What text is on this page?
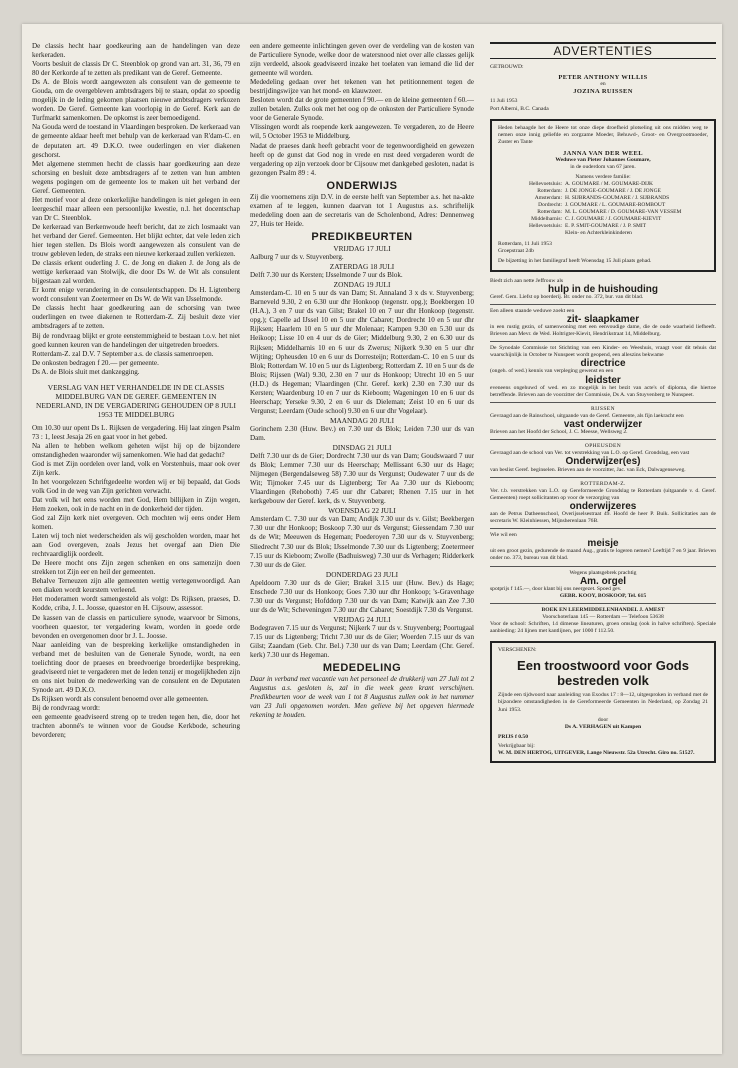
De classis hecht haar goedkeuring aan de handelingen van deze kerkeraden.

Voorts besluit de classis Dr C. Steenblok op grond van art. 31, 36, 79 en 80 der Kerkorde af te zetten als predikant van de Geref. Gemeente.

Ds A. de Blois wordt aangewezen als consulent van de gemeente te Gouda, om de overgebleven ambtsdragers bij te staan, opdat zo spoedig mogelijk in de leding gekomen plaatsen nieuwe ambtsdragers verkozen worden. De Geref. Gemeente kan voorlopig in de Geref. Kerk aan de Turfmarkt samenkomen. De opkomst is zeer bemoedigend.

Na Gouda werd de toestand in Vlaardingen besproken. De kerkeraad van de gemeente aldaar heeft met behulp van de kerkeraad van R'dam-C. en de deputaten art. 49 D.K.O. twee ouderlingen en vier diakenen geschorst.

Met algemene stemmen hecht de classis haar goedkeuring aan deze schorsing en besluit deze ambtsdragers af te zetten van hun ambten wegens pogingen om de gemeente los te maken uit het verband der Geref. Gemeenten.

Het motief voor al deze onkerkelijke handelingen is niet gelegen in een leergeschil maar alleen een persoonlijke kwestie, n.l. het docentschap van Dr C. Steenblok.

De kerkeraad van Berkenwoude heeft bericht, dat ze zich losmaakt van het verband der Geref. Gemeenten. Het blijkt echter, dat vele leden zich hier tegen stellen. Ds Blois wordt aangewezen als consulent van de trouw gebleven leden, de straks een nieuwe kerkeraad zullen verkiezen.

De classis erkent ouderling J. C. de Jong en diaken J. de Jong als de wettige kerkeraad van Stolwijk, die door Ds W. de Wit als consulent bijgestaan zal worden.

Er komt enige verandering in de consulentschappen. Ds H. Ligtenberg wordt consulent van Zoetermeer en Ds W. de Wit van IJsselmonde.

De classis hecht haar goedkeuring aan de schorsing van twee ouderlingen en twee diakenen te Rotterdam-Z. Zij besluit deze vier ambtsdragers af te zetten.

Bij de rondvraag blijkt er grote eenstemmigheid te bestaan t.o.v. het niet goed kunnen keuren van de handelingen der uitgetreden broeders.

Rotterdam-Z. zal D.V. 7 September a.s. de classis samenroepen.

De onkosten bedragen f 20.— per gemeente.

Ds A. de Blois sluit met dankzegging.

VERSLAG VAN HET VERHANDELDE IN DE CLASSIS MIDDELBURG VAN DE GEREF. GEMEENTEN IN NEDERLAND, IN DE VERGADERING GEHOUDEN OP 8 JULI 1953 TE MIDDELBURG

Om 10.30 uur opent Ds L. Rijksen de vergadering. Hij laat zingen Psalm 73 : 1, leest Jesaja 26 en gaat voor in het gebed.

Na allen te hebben welkom geheten wijst hij op de bijzondere omstandigheden waaronder wij samenkomen. Wie had dat gedacht?

God is met Zijn oordelen over land, volk en Vorstenhuis, maar ook over Zijn kerk.

In het voorgelezen Schriftgedeelte worden wij er bij bepaald, dat Gods volk God in de weg van Zijn gerichten verwacht.

Dat volk wil het eens worden met God, Hem billijken in Zijn wegen, Hem zoeken, ook in de nacht en in de donkerheid der tijden.

God zal Zijn kerk niet overgeven. Och mochten wij eens onder Hem komen.

Laten wij toch niet wederscheiden als wij gescholden worden, maar het aan God overgeven, zoals Jezus het overgaf aan Dien Die rechtvaardiglijk oordeelt.

De Heere mocht ons Zijn zegen schenken en ons samenzijn doen strekken tot Zijn eer en heil der gemeenten.

Behalve Terneuzen zijn alle gemeenten wettig vertegenwoordigd. Aan een diaken wordt keurstem verleend.

Het moderamen wordt samengesteld als volgt: Ds Rijksen, praeses, D. Kodde, criba, J. L. Joosse, quaestor en H. Cijsouw, assessor.

De kassen van de classis en particuliere synode, waarvoor br Simons, voorheen quaestor, ter vergadering kwam, worden in goede orde bevonden en overgenomen door br J. L. Joosse.

Naar aanleiding van de bespreking kerkelijke omstandigheden in verband met de besluiten van de Generale Synode, wordt, na een toelichting door de praeses en breedvoerige broederlijke bespreking, geadviseerd niet te vergaderen met de leden tenzij er mogelijkheden zijn en ons niet buiten de medewerking van de consulent en de Deputaten Synode art. 49 D.K.O.

Ds Rijksen wordt als consulent benoemd over alle gemeenten.

Bij de rondvraag wordt:

een gemeente geadviseerd streng op te treden tegen hen, die, door het trachten abonné's te winnen voor de Goudse Kerkbode, scheuring bevorderen;

een andere gemeente inlichtingen geven over de verdeling van de kosten van de Particuliere Synode, welke door de watersnood niet over alle classes gelijk zijn verdeeld, alsook geadviseerd inzake het toelaten van iemand die lid der gemeente wil worden.

Mededeling gedaan over het tekenen van het petitionnement tegen de bestrijdingswijze van het mond- en klauwzeer.

Besloten wordt dat de grote gemeenten f 90.— en de kleine gemeenten f 60.— zullen betalen. Zulks ook met het oog op de onkosten der Particuliere Synode voor de Generale Synode.

Vlissingen wordt als roepende kerk aangewezen. Te vergaderen, zo de Heere wil, 5 October 1953 te Middelburg.

Nadat de praeses dank heeft gebracht voor de tegenwoordigheid en gewezen heeft op de gunst dat God nog in vrede en rust deed vergaderen wordt de vergadering op zijn verzoek door br Cijsouw met dankgebed gesloten, nadat is gezongen Psalm 89 : 4.

ONDERWIJS

Zij die voornemens zijn D.V. in de eerste helft van September a.s. het na-akte examen af te leggen, kunnen daarvan tot 1 Augustus a.s. schriftelijk mededeling doen aan de secretaris van de Scholenbond, Adres: Dennenweg 27, Huis ter Heide.

PREDIKBEURTEN
VRIJDAG 17 JULI

Aalburg 7 uur ds v. Stuyvenberg.

ZATERDAG 18 JULI

Delft 7.30 uur ds Kersten; IJsselmonde 7 uur ds Blok.

ZONDAG 19 JULI

Amsterdam-C. 10 en 5 uur ds van Dam; St. Annaland 3 x ds v. Stuyvenberg; Barneveld 9.30, 2 en 6.30 uur dhr Honkoop (tegenstr. opg.); Boekbergen 10 (H.A.), 3 en 7 uur ds van Gilst; Brakel 10 en 7 uur dhr Honkoop (tegenstr. opg.); Capelle ad IJssel 10 en 5 uur dhr Cabaret; Dordrecht 10 en 5 uur dhr Rijksen; Haarlem 10 en 5 uur dhr Molenaar; Kampen 9.30 en 5.30 uur ds Heikoop; Lisse 10 en 4 uur ds de Gier; Middelburg 9.30, 2 en 6.30 uur ds Rijksen; Middelharnis 10 en 6 uur ds Zwerus; Nijkerk 9.30 en 5 uur dhr Wijting; Opheusden 10 en 6 uur ds Dorresteijn; Rotterdam-C. 10 en 5 uur ds Blok; Rotterdam W. 10 en 5 uur ds Ligtenberg; Rotterdam Z. 10 en 5 uur ds de Blois; Rijssen (Wal) 9.30, 2.30 en 7 uur ds Honkoop; Utrecht 10 en 5 uur (H.D.) ds Hegeman; Vlaardingen (Chr. Geref. kerk) 2.30 en 7.30 uur ds Kersten; Waardenburg 10 en 7 uur ds Kieboom; Wageningen 10 en 6 uur ds Heerschap; Yerseke 9.30, 2 en 6 uur ds Dieleman; Zeist 10 en 6 uur ds Vergunst; Leerdam (Oude school) 9.30 en 6 uur dhr Vogelaar).

MAANDAG 20 JULI

Gorinchem 2.30 (Huw. Bev.) en 7.30 uur ds Blok; Leiden 7.30 uur ds van Dam.

DINSDAG 21 JULI

Delft 7.30 uur ds de Gier; Dordrecht 7.30 uur ds van Dam; Goudswaard 7 uur ds Blok; Lemmer 7.30 uur ds Heerschap; Mellissant 6.30 uur ds Hage; Nijmegen (Bergendalseweg 58) 7.30 uur ds Vergunst; Oudewater 7 uur ds de Wit; Tijmoker 7.45 uur ds Ligtenberg; Ter Aa 7.30 uur ds Kieboom; Vlaardingen (Rehoboth) 7.45 uur dhr Cabaret; Rhenen 7.15 uur in het kerkgebouw der Geref. kerk, ds v. Stuyvenberg.

WOENSDAG 22 JULI

Amsterdam C. 7.30 uur ds van Dam; Andijk 7.30 uur ds v. Gilst; Beekbergen 7.30 uur dhr Honkoop; Boskoop 7.30 uur ds Vergunst; Giessendam 7.30 uur ds de Wit; Meeuwen ds Hegeman; Poederoyen 7.30 uur ds v. Stuyvenberg; Sliedrecht 7.30 uur ds Blok; IJsselmonde 7.30 uur ds Ligtenberg; Zoetermeer 7.15 uur ds Kieboom; Zwolle (Badhuisweg) 7.30 uur ds Verhagen; Ridderkerk 7.30 uur ds de Gier.

DONDERDAG 23 JULI

Apeldoorn 7.30 uur ds de Gier; Brakel 3.15 uur (Huw. Bev.) ds Hage; Enschede 7.30 uur ds Honkoop; Goes 7.30 uur dhr Honkoop; 's-Gravenhage 7.30 uur ds Vergunst; Hofddorp 7.30 uur ds van Dam; Katwijk aan Zee 7.30 uur ds de Wit; Scheveningen 7.30 uur dhr Cabaret; Soestdijk 7.30 ds Vergunst.

VRIJDAG 24 JULI

Bodegraven 7.15 uur ds Vergunst; Nijkerk 7 uur ds v. Stuyvenberg; Poortugaal 7.15 uur ds Ligtenberg; Tricht 7.30 uur ds de Gier; Woerden 7.15 uur ds van Gilst; Zaandam (Geb. Chr. Bel.) 7.30 uur ds van Dam; Leerdam (Chr. Geref. kerk) 7.30 uur ds Hegeman.

MEDEDELING

Daar in verband met vacantie van het personeel de drukkerij van 27 Juli tot 2 Augustus a.s. gesloten is, zal in die week geen krant verschijnen. Predikbeurten voor de week van 1 tot 8 Augustus zullen ook in het nummer van 23 Juli opgenomen worden. Men gelieve bij het opgeven hiermede rekening te houden.

ADVERTENTIES
GETROUWD:
PETER ANTHONY WILLIS
en
JOZINA RUISSEN
11 Juli 1953
Port Alberni, B.C. Canada

Heden behaagde het de Heere tot onze diepe droefheid plotseling uit ons midden weg te nemen onze innig geliefde en zorgzame Moeder, Behuwd-, Groot- en Overgrootmoeder, Zuster en Tante

JANNA VAN DER WEEL
Weduwe van Pieter Johannes Goumare,
in de ouderdom van 67 jaren.
Namens verdere familie:
Hellevoetsluis: A. GOUMARE / M. GOUMARE-DIJK
Rotterdam: J. DE JONGE-GOUMARE / J. DE JONGE
Amsterdam: H. SIJBRANDS-GOUMARE / J. SIJBRANDS
Dordrecht: J. GOUMARE / L. GOUMARE-ROMBOUT
Rotterdam: M. L. GOUMARE / D. GOUMARE-VAN VESSEM
Middelharnis: C. J. GOUMARE / J. GOUMARE-KIEVIT
Hellevoetsluis: E. P. SMIT-GOUMARE / J. P. SMIT
Klein- en Achterkleinkinderen
Rotterdam, 11 Juli 1953
Groepstraat 24b
De bijzetting in het familiegraf heeft Woensdag 15 Juli plaats gehad.
Biedt zich aan nette Jeffrouw als
hulp in de huishouding
Geref. Gem. Liefst op boerderij. Br. onder no. 372, bur. van dit blad.
Een alleen staande weduwe zoekt een
zit- slaapkamer

in een rustig gezin, of samenwoning met een eenvoudige dame, die de oude waarheid liefheeft. Brieven aan Mevr. de Wed. Holtrigter-Kievit, Hendrikstraat 14, Middelburg.

De Synodale Commissie tot Stichting van een Kinder- en Weeshuis, vraagt voor dit tehuis dat waarschijnlijk in October te Nunspeet wordt geopend, een alleszins bekwame

directrice
(ongeh. of wed.) kennis van verpleging gewenst en een
leidster

eveneens ongehuwd of wed. en zo mogelijk in het bezit van acte's of diploma, die hiertoe betreffende. Brieven aan de voorzitter der Commissie, Ds A. van Stuyvenberg te Nunspeet.

RIJSSEN

Gevraagd aan de Rainschool, uitgaande van de Geref. Gemeente, als fijn laekracht een

vast onderwijzer
Brieven aan het Hoofd der School, J. C. Meesse, Wellsweg 2.
OPHEUSDEN

Gevraagd aan de school van Ver. tot verstrekking van L.O. op Geref. Grondslag, een vast

Onderwijzer(es)
van beslist Geref. beginselen. Brieven aan de voorzitter, Jac. van Eck, Dalwagenseweg.
ROTTERDAM-Z.

Ver. t.b. verstrekken van L.O. op Gereformeerde Grondslag te Rotterdam (uitgaande v. d. Geref. Gemeenten) roept sollicitanten op voor de verzorging van

onderwijzeres

aan de Petrus Datheenschool, Overijsselsestraat 49. Hoofd de heer P. Buik. Sollicitaties aan de secretaris W. Kleinhiessen, Mijnsherenlaan 76B.

Wie wil een
meisje

uit een groot gezin, gedurende de maand Aug., gratis te logeren nemen? Leeftijd 7 en 9 jaar. Brieven onder no. 373, bureau van dit blad.

Wegens plaatsgebrek prachtig
Am. orgel
spotprijs f 145.—, door klant bij ons neergezet. Spoed gev.
GEBR. KOOY, BOSKOOP, Tel. 615
BOEK EN LEERMIDDELENHANDEL J. AMEST
Voorschoterlaan 145 — Rotterdam — Telefoon 53638

Voor de school: Schriften, 14 dimense lineaturen, groen omslag (ook in halve schriften). Speciale aanbieding: 24 lijnen met kantlijnen, per 1000 f 112.50.

VERSCHENEN:
Een troostwoord voor Gods bestreden volk

Zijnde een tijdwoord naar aanleiding van Exodus 17 : 8—12, uitgesproken in verband met de bijzondere omstandigheden in de Gereformeerde Gemeenten in Nederland, op Zondag 21 Juni 1953.

door
Ds A. VERHAGEN uit Kampen
PRIJS f 0.50
Verkrijgbaar bij:
W. M. DEN HERTOG, UITGEVER, Lange Nieuwstr. 52a Utrecht. Giro no. 51527.
